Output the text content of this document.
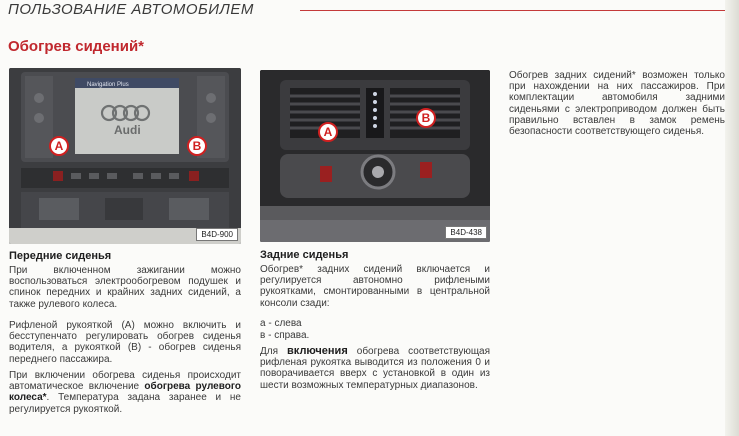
ПОЛЬЗОВАНИЕ АВТОМОБИЛЕМ
Обогрев сидений*
Navigation Plus
Audi
A	B
B4D-900
A
B
B4D-438
Передние сиденья
При включенном зажигании можно воспользоваться электрообогревом подушек и спинок передних и крайних задних сидений, а также рулевого колеса.
Рифленой рукояткой (A) можно включить и бесступенчато регулировать обогрев сиденья водителя, а рукояткой (B) - обогрев сиденья переднего пассажира.
При включении обогрева сиденья происходит автоматическое включение обогрева рулевого колеса*. Температура задана заранее и не регулируется рукояткой.
Задние сиденья
Обогрев* задних сидений включается и регулируется автономно рифлеными рукоятками, смонтированными в центральной консоли сзади:
а - слева
в - справа.
Для включения обогрева соответствующая рифленая рукоятка выводится из положения 0 и поворачивается вверх с установкой в один из шести возможных температурных диапазонов.
Обогрев задних сидений* возможен только при нахождении на них пассажиров. При комплектации автомобиля задними сиденьями с электроприводом должен быть правильно вставлен в замок ремень безопасности соответствующего сиденья.
